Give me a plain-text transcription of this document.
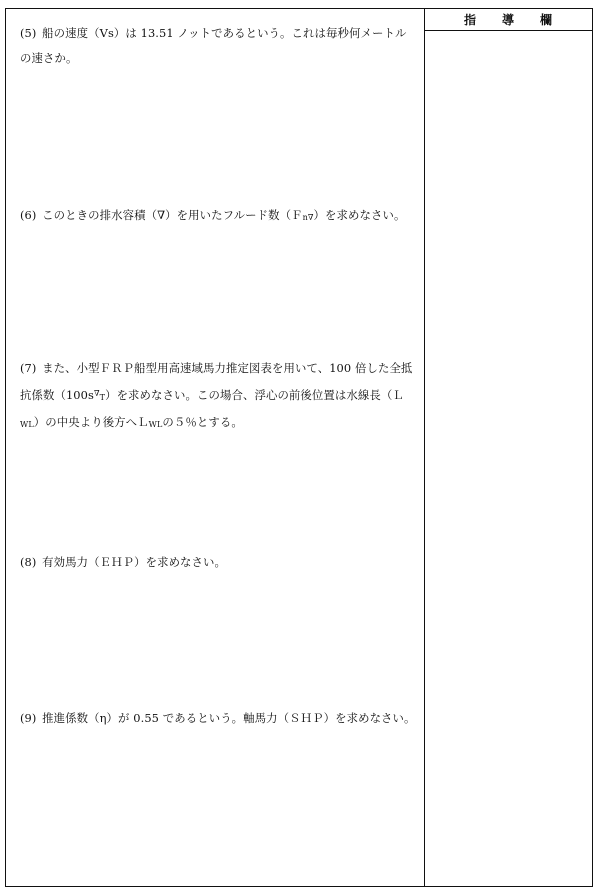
指導欄
(5) 船の速度（Vs）は 13.51 ノットであるという。これは毎秒何メートルの速さか。
(6) このときの排水容積（∇）を用いたフルード数（Ｆn∇）を求めなさい。
(7) また、小型ＦＲＰ船型用高速域馬力推定図表を用いて、100 倍した全抵抗係数（100s∇T）を求めなさい。この場合、浮心の前後位置は水線長（ＬWL）の中央より後方へＬWLの５％とする。
(8) 有効馬力（ＥＨＰ）を求めなさい。
(9) 推進係数（η）が 0.55 であるという。軸馬力（ＳＨＰ）を求めなさい。
